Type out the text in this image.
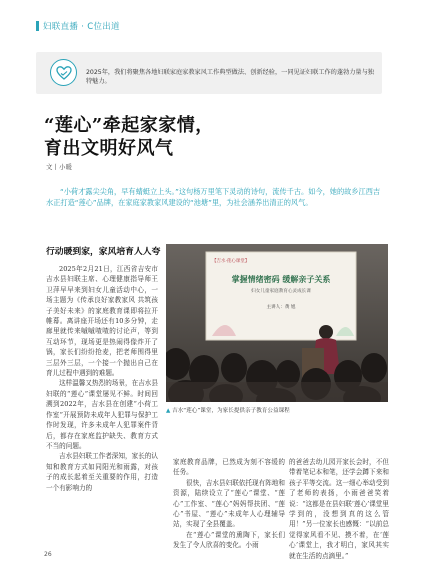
妇联直播 · C位出道
2025年，我们将聚焦各地妇联家庭家教家风工作典型做法、创新经验，一同见证妇联工作的蓬勃力量与独特魅力。
“莲心”牵起家家情，
育出文明好风气
文丨小暖
“小荷才露尖尖角，早有蜻蜓立上头。”这句杨万里笔下灵动的诗句，流传千古。如今，她的故乡江西吉水正打造“莲心”品牌，在家庭家教家风建设的“池塘”里，为社会涵养出清正的风气。
行动暖到家，家风培育人人夸

2025年2月21日，江西省吉安市吉水县妇联主席、心理健康指导师王卫萍早早来到妇女儿童活动中心，一场主题为《传承良好家教家风 共筑孩子美好未来》的家庭教育课即将拉开帷幕。离讲座开场还有10多分钟，走廊里就传来嘁嘁喳喳的讨论声，等到互动环节，现场更是热闹得像炸开了锅，家长们纷纷抢麦，把老师围得里三层外三层，一个接一个抛出自己在育儿过程中遇到的难题。

这样温馨又热烈的场景，在吉水县妇联的“莲心”课堂屡见不鲜。时间回溯到2022年，吉水县在创建“小荷工作室”开展预防未成年人犯罪与保护工作时发现，许多未成年人犯罪案件背后，都存在家庭监护缺失、教育方式不当的问题。

吉水县妇联工作者深知，家长的认知和教育方式如同阳光和雨露，对孩子的成长起着至关重要的作用，打造一个有影响力的

【吉水·莲心课堂】
掌握情绪密码 缓解亲子关系
妇女儿童家庭教育心灵成长课
主讲人：黄 旭
▲ 吉水“莲心”课堂，为家长提供亲子教育公益课程

家庭教育品牌，已然成为刻不容缓的任务。

很快，吉水县妇联依托现有阵地和资源，陆续设立了“莲心”课堂、“莲心”工作室、“莲心”妈妈帮扶团、“莲心”书屋、“莲心”未成年人心理辅导站，实现了全县覆盖。

在“莲心”课堂的熏陶下，家长们发生了令人欣喜的变化。小雨

的爸爸去幼儿园开家长会时，不但带着笔记本和笔，还学会蹲下来和孩子平等交流。这一细心举动受到了老师的表扬，小雨爸爸笑着说：“这都是在县妇联‘莲心’课堂里学到的，没想到真的这么管用！”另一位家长也感慨：“以前总觉得家风看不见、摸不着，在‘莲心’课堂上，我才明白，家风其实就在生活的点滴里。”

26
